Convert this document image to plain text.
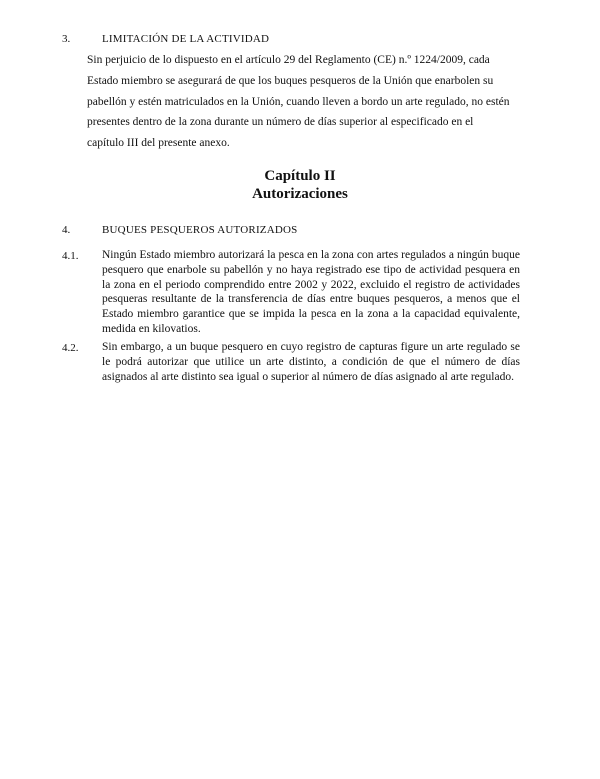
3.	LIMITACIÓN DE LA ACTIVIDAD
Sin perjuicio de lo dispuesto en el artículo 29 del Reglamento (CE) n.º 1224/2009, cada
Estado miembro se asegurará de que los buques pesqueros de la Unión que enarbolen su
pabellón y estén matriculados en la Unión, cuando lleven a bordo un arte regulado, no estén
presentes dentro de la zona durante un número de días superior al especificado en el
capítulo III del presente anexo.
Capítulo II
Autorizaciones
4.	BUQUES PESQUEROS AUTORIZADOS
4.1. Ningún Estado miembro autorizará la pesca en la zona con artes regulados a ningún buque pesquero que enarbole su pabellón y no haya registrado ese tipo de actividad pesquera en la zona en el periodo comprendido entre 2002 y 2022, excluido el registro de actividades pesqueras resultante de la transferencia de días entre buques pesqueros, a menos que el Estado miembro garantice que se impida la pesca en la zona a la capacidad equivalente, medida en kilovatios.
4.2. Sin embargo, a un buque pesquero en cuyo registro de capturas figure un arte regulado se le podrá autorizar que utilice un arte distinto, a condición de que el número de días asignados al arte distinto sea igual o superior al número de días asignado al arte regulado.
